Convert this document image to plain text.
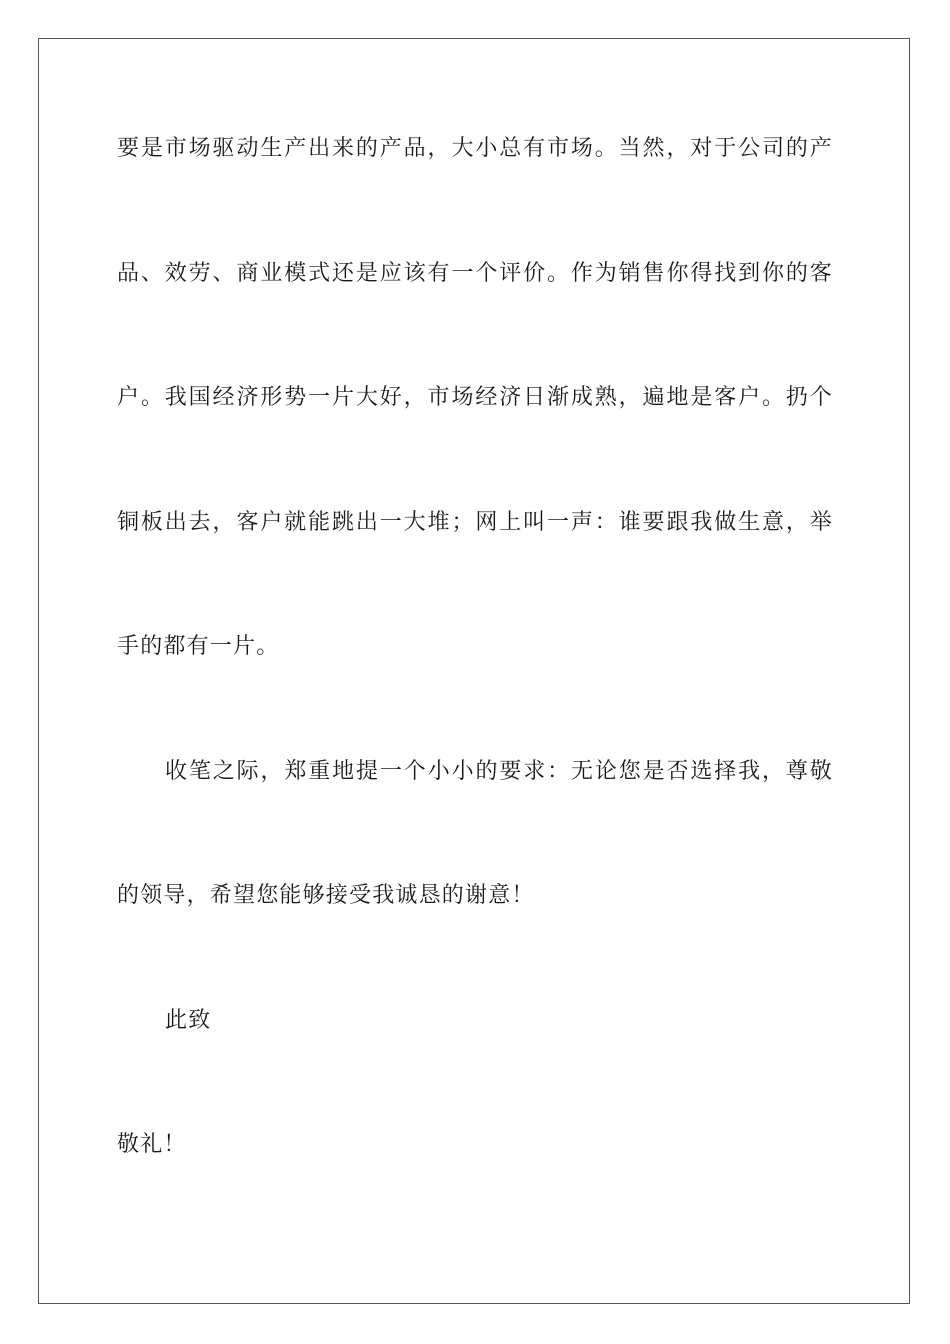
要是市场驱动生产出来的产品，大小总有市场。当然，对于公司的产
品、效劳、商业模式还是应该有一个评价。作为销售你得找到你的客
户。我国经济形势一片大好，市场经济日渐成熟，遍地是客户。扔个
铜板出去，客户就能跳出一大堆；网上叫一声：谁要跟我做生意，举
手的都有一片。
收笔之际，郑重地提一个小小的要求：无论您是否选择我，尊敬
的领导，希望您能够接受我诚恳的谢意！
此致
敬礼！
